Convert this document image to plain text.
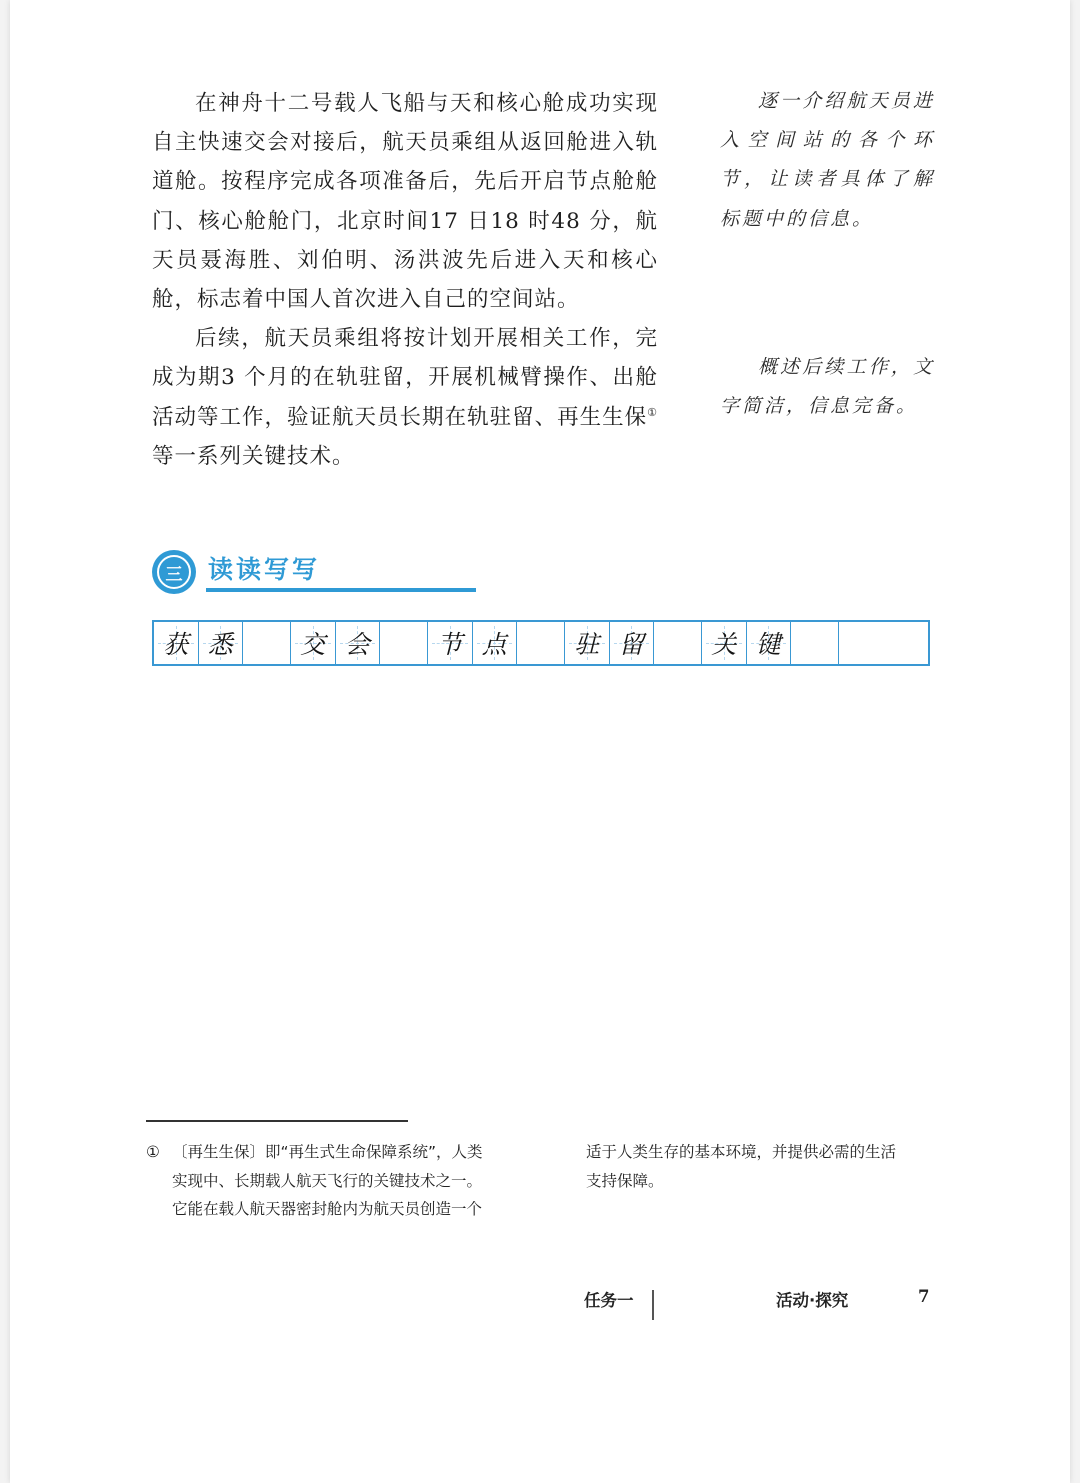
在神舟十二号载人飞船与天和核心舱成功实现自主快速交会对接后，航天员乘组从返回舱进入轨道舱。按程序完成各项准备后，先后开启节点舱舱门、核心舱舱门，北京时间17 日18 时48 分，航天员聂海胜、刘伯明、汤洪波先后进入天和核心舱，标志着中国人首次进入自己的空间站。

后续，航天员乘组将按计划开展相关工作，完成为期3 个月的在轨驻留，开展机械臂操作、出舱活动等工作，验证航天员长期在轨驻留、再生生保①等一系列关键技术。

逐一介绍航天员进入空间站的各个环节，让读者具体了解标题中的信息。

概述后续工作，文字简洁，信息完备。

三 读读写写
获 悉	交 会	节 点	驻 留	关 键
① 〔再生生保〕即“再生式生命保障系统”，人类
实现中、长期载人航天飞行的关键技术之一。
它能在载人航天器密封舱内为航天员创造一个
适于人类生存的基本环境，并提供必需的生活
支持保障。
任务一	活动·探究	7
